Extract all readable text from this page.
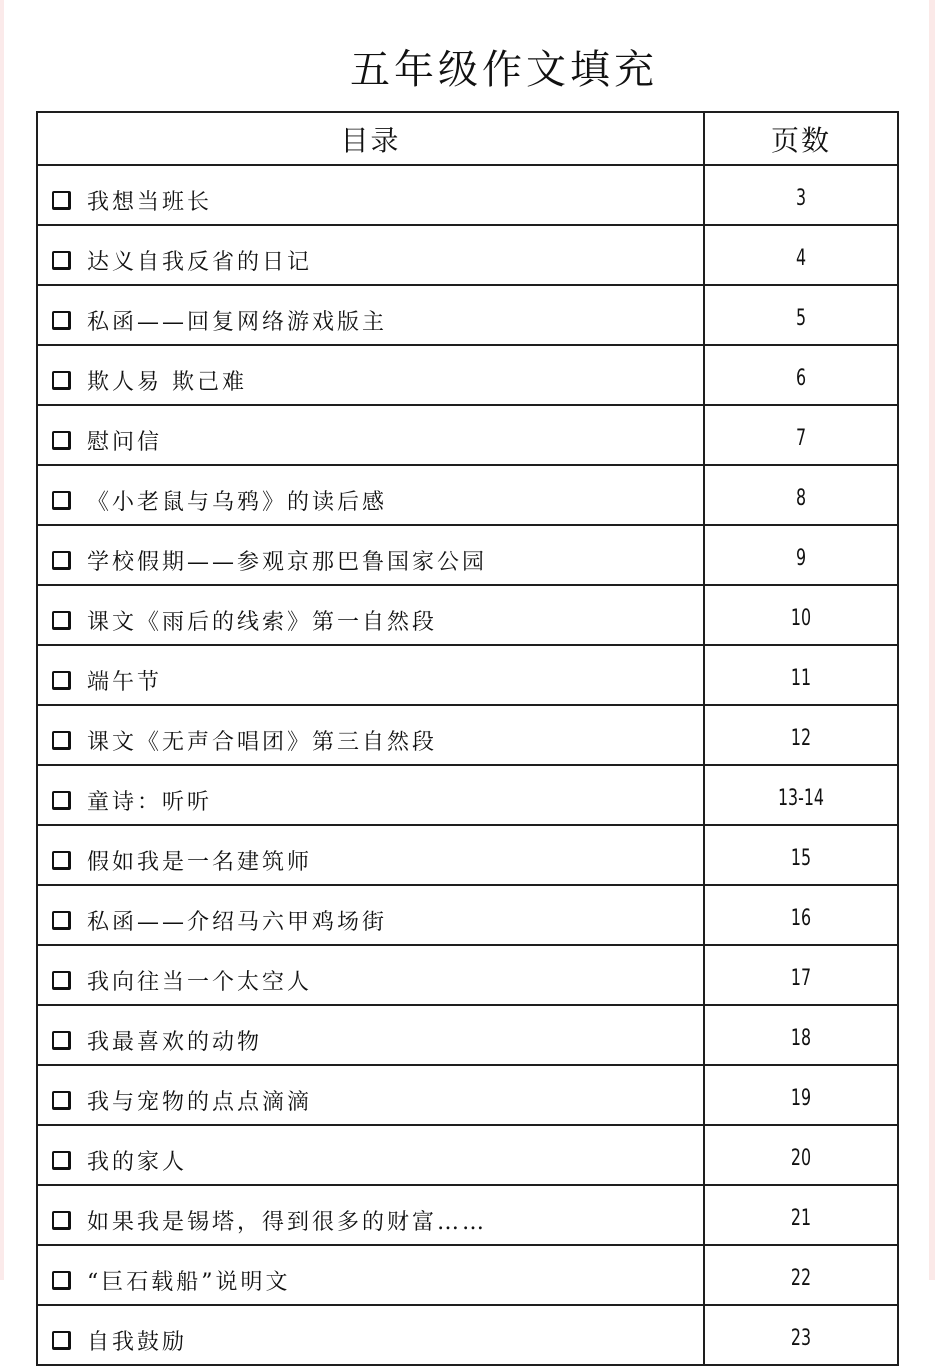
五年级作文填充
目录	页数

我想当班长	3

达义自我反省的日记	4

私函——回复网络游戏版主	5

欺人易 欺己难	6

慰问信	7

《小老鼠与乌鸦》的读后感	8

学校假期——参观京那巴鲁国家公园	9

课文《雨后的线索》第一自然段	10

端午节	11

课文《无声合唱团》第三自然段	12

童诗：听听	13-14

假如我是一名建筑师	15

私函——介绍马六甲鸡场街	16

我向往当一个太空人	17

我最喜欢的动物	18

我与宠物的点点滴滴	19

我的家人	20

如果我是锡塔，得到很多的财富……	21

“巨石载船”说明文	22

自我鼓励	23
